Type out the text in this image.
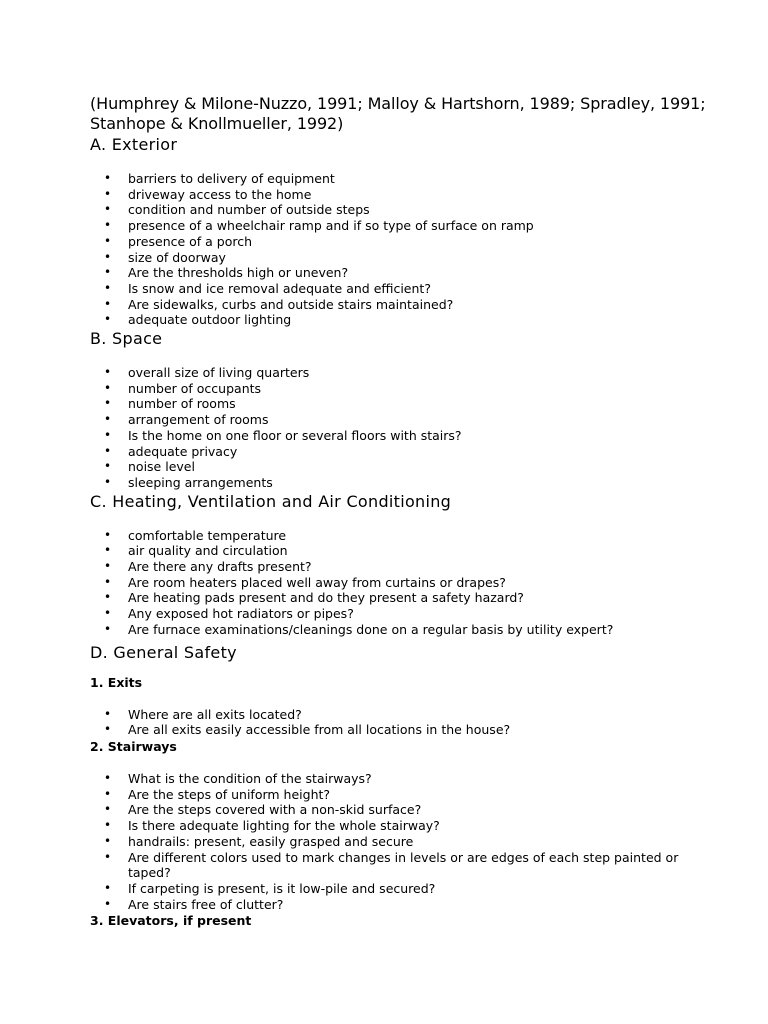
(Humphrey & Milone-Nuzzo, 1991; Malloy & Hartshorn, 1989; Spradley, 1991; Stanhope & Knollmueller, 1992)

A. Exterior
• barriers to delivery of equipment
• driveway access to the home
• condition and number of outside steps
• presence of a wheelchair ramp and if so type of surface on ramp
• presence of a porch
• size of doorway
• Are the thresholds high or uneven?
• Is snow and ice removal adequate and efficient?
• Are sidewalks, curbs and outside stairs maintained?
• adequate outdoor lighting
B. Space
• overall size of living quarters
• number of occupants
• number of rooms
• arrangement of rooms
• Is the home on one floor or several floors with stairs?
• adequate privacy
• noise level
• sleeping arrangements
C. Heating, Ventilation and Air Conditioning
• comfortable temperature
• air quality and circulation
• Are there any drafts present?
• Are room heaters placed well away from curtains or drapes?
• Are heating pads present and do they present a safety hazard?
• Any exposed hot radiators or pipes?
• Are furnace examinations/cleanings done on a regular basis by utility expert?
D. General Safety
1. Exits
• Where are all exits located?
• Are all exits easily accessible from all locations in the house?
2. Stairways
• What is the condition of the stairways?
• Are the steps of uniform height?
• Are the steps covered with a non-skid surface?
• Is there adequate lighting for the whole stairway?
• handrails: present, easily grasped and secure
• Are different colors used to mark changes in levels or are edges of each step painted or taped?
• If carpeting is present, is it low-pile and secured?
• Are stairs free of clutter?
3. Elevators, if present
